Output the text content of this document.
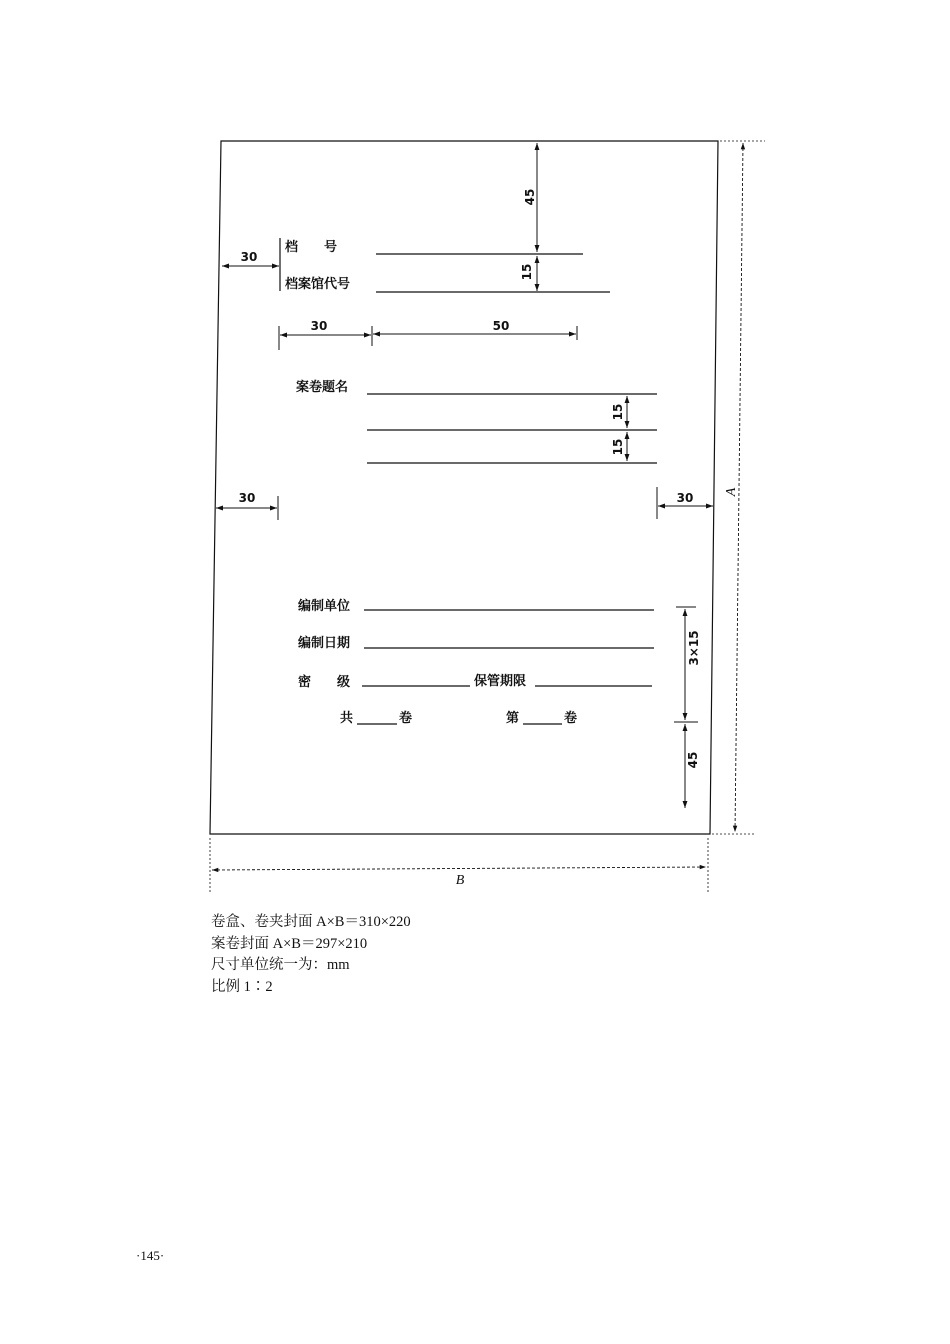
A
B
45
15
30
档　　号
档案馆代号
30	50
案卷题名
15
15
30	30
编制单位
编制日期
密　　级	保管期限
共	卷	第	卷
3×15
45
卷盒、卷夹封面 A×B＝310×220
案卷封面 A×B＝297×210
尺寸单位统一为：mm
比例 1∶2
·145·
